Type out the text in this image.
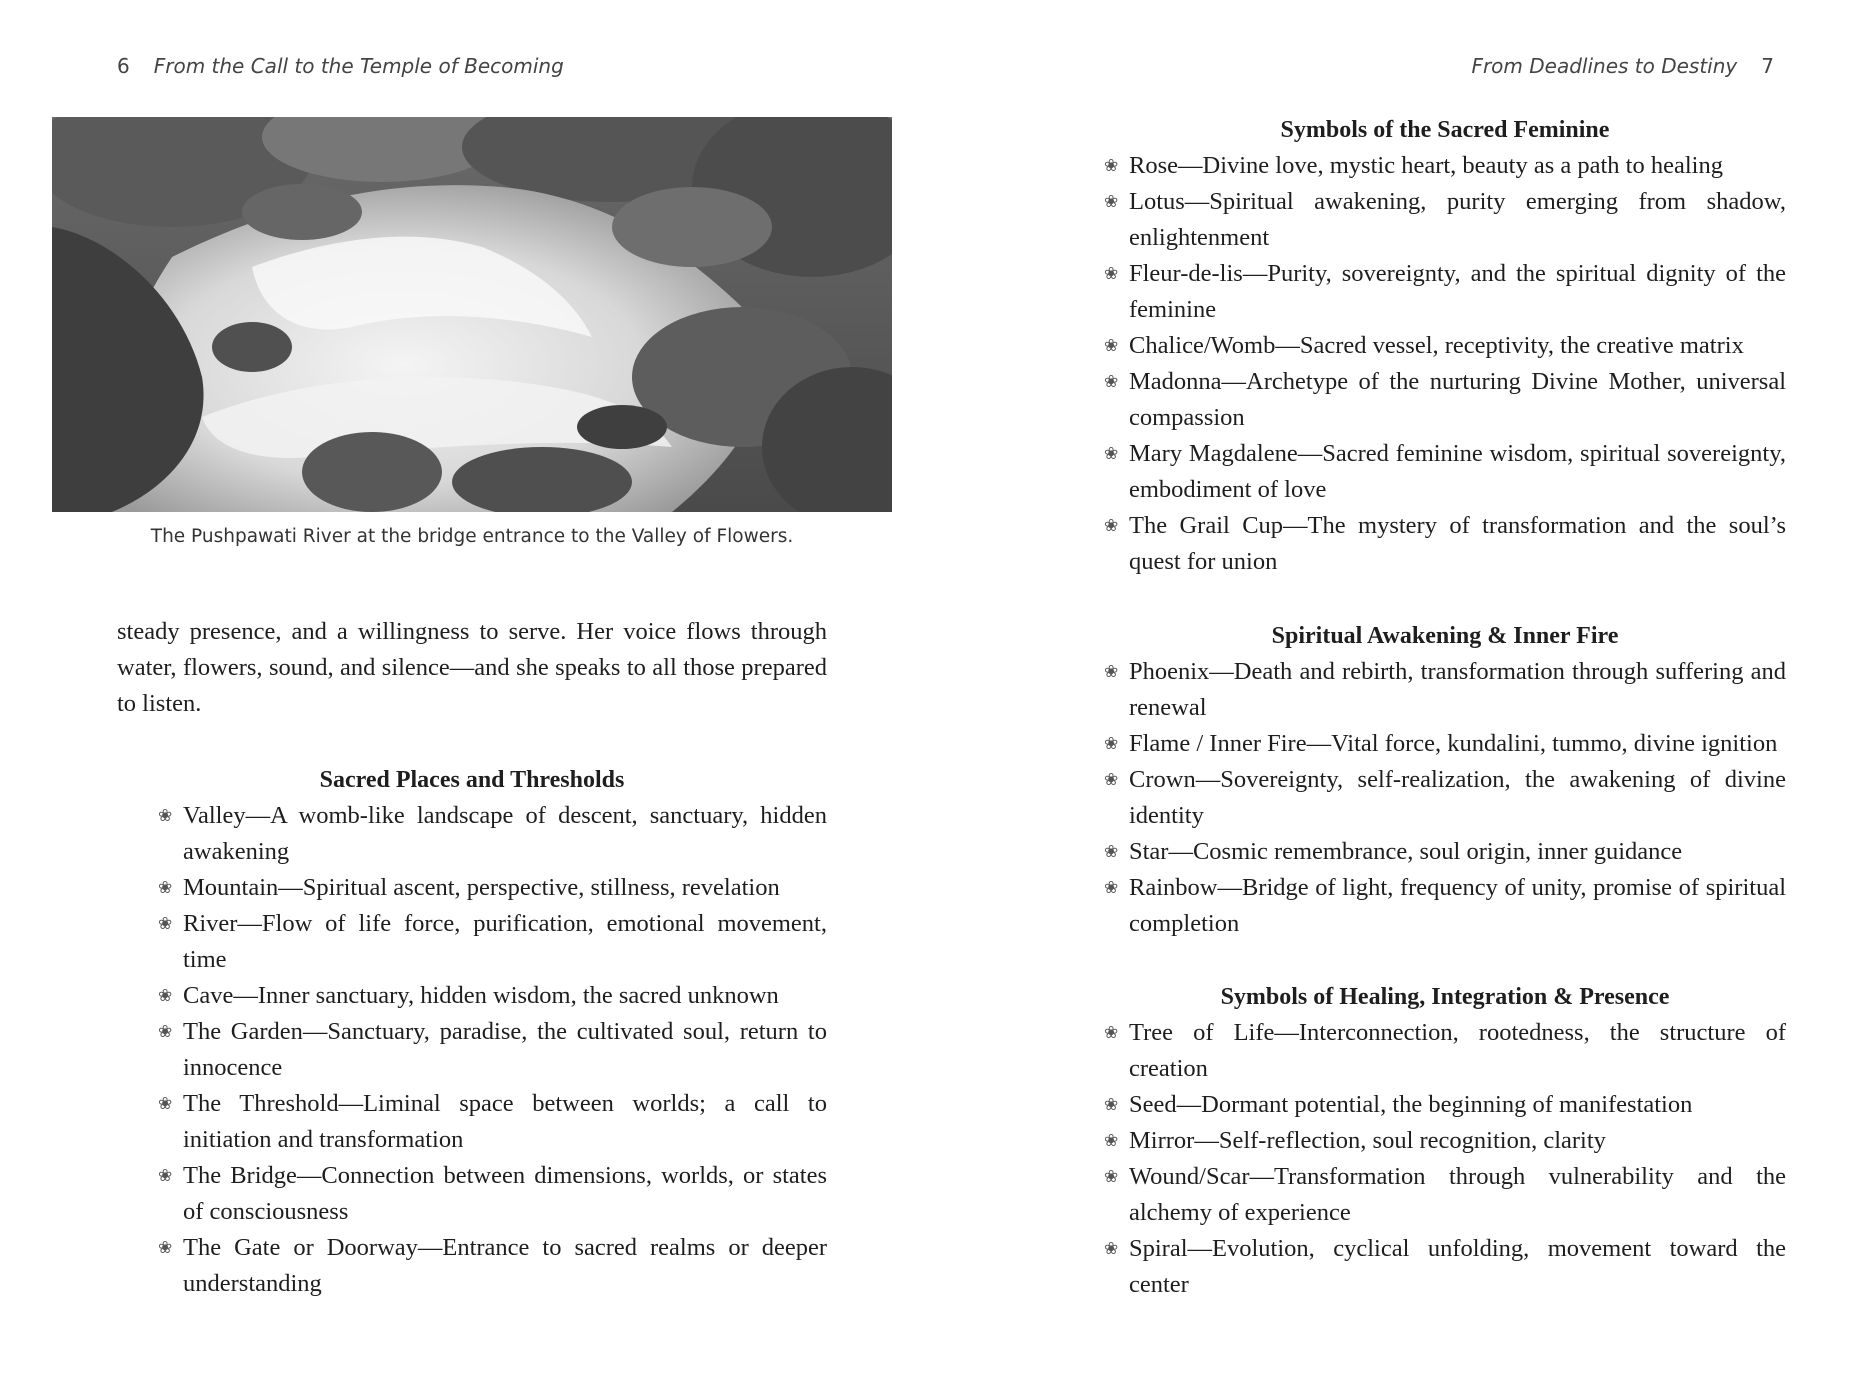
6 From the Call to the Temple of Becoming
The Pushpawati River at the bridge entrance to the Valley of Flowers.

steady presence, and a willingness to serve. Her voice flows through water, flowers, sound, and silence—and she speaks to all those prepared to listen.

Sacred Places and Thresholds
❀ Valley—A womb-like landscape of descent, sanctuary, hidden awakening
❀ Mountain—Spiritual ascent, perspective, stillness, revelation
❀ River—Flow of life force, purification, emotional movement, time
❀ Cave—Inner sanctuary, hidden wisdom, the sacred unknown
❀ The Garden—Sanctuary, paradise, the cultivated soul, return to innocence
❀ The Threshold—Liminal space between worlds; a call to initiation and transformation
❀ The Bridge—Connection between dimensions, worlds, or states of consciousness
❀ The Gate or Doorway—Entrance to sacred realms or deeper understanding
From Deadlines to Destiny 7
Symbols of the Sacred Feminine
❀ Rose—Divine love, mystic heart, beauty as a path to healing
❀ Lotus—Spiritual awakening, purity emerging from shadow, enlightenment
❀ Fleur-de-lis—Purity, sovereignty, and the spiritual dignity of the feminine
❀ Chalice/Womb—Sacred vessel, receptivity, the creative matrix
❀ Madonna—Archetype of the nurturing Divine Mother, universal compassion
❀ Mary Magdalene—Sacred feminine wisdom, spiritual sovereignty, embodiment of love
❀ The Grail Cup—The mystery of transformation and the soul’s quest for union
Spiritual Awakening & Inner Fire
❀ Phoenix—Death and rebirth, transformation through suffering and renewal
❀ Flame / Inner Fire—Vital force, kundalini, tummo, divine ignition
❀ Crown—Sovereignty, self-realization, the awakening of divine identity
❀ Star—Cosmic remembrance, soul origin, inner guidance
❀ Rainbow—Bridge of light, frequency of unity, promise of spiritual completion
Symbols of Healing, Integration & Presence
❀ Tree of Life—Interconnection, rootedness, the structure of creation
❀ Seed—Dormant potential, the beginning of manifestation
❀ Mirror—Self-reflection, soul recognition, clarity
❀ Wound/Scar—Transformation through vulnerability and the alchemy of experience
❀ Spiral—Evolution, cyclical unfolding, movement toward the center
